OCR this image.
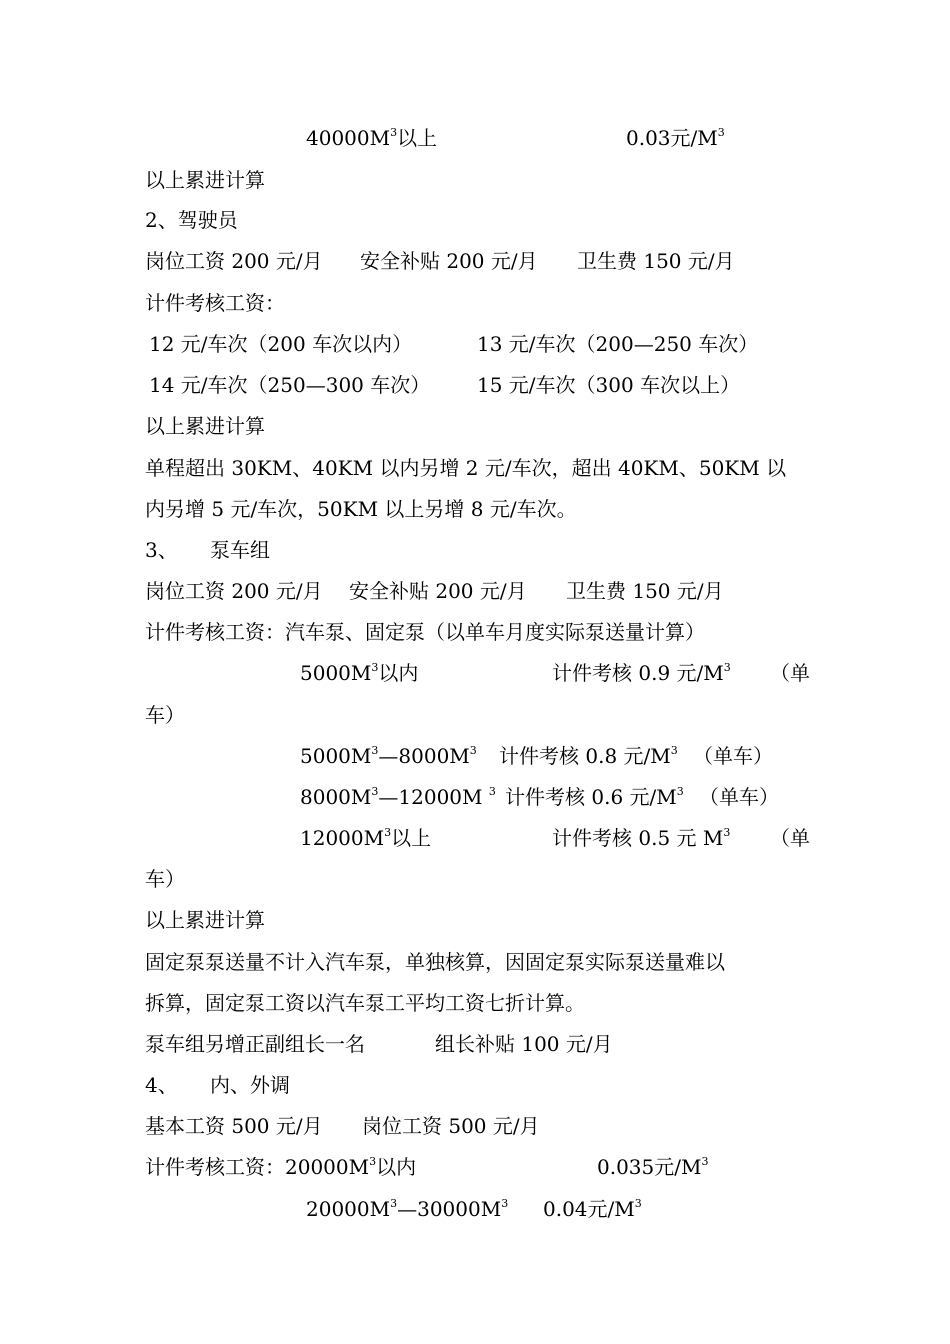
$40000M^3$以上	0.03元$/M^3$
以上累进计算
2、驾驶员
岗位工资 200 元/月 安全补贴 200 元/月 卫生费 150 元/月
计件考核工资：
12 元/车次（200 车次以内）	13 元/车次（200—250 车次）
14 元/车次（250—300 车次） 15 元/车次（300 车次以上）
以上累进计算
单程超出 30KM、40KM 以内另增 2 元/车次，超出 40KM、50KM 以
内另增 5 元/车次，50KM 以上另增 8 元/车次。
3、 泵车组
岗位工资 200 元/月 安全补贴 200 元/月 卫生费 150 元/月
计件考核工资：汽车泵、固定泵（以单车月度实际泵送量计算）
$5000M^3$以内	计件考核 0.9 元$/M^3$ （单
车）
$5000M^3—8000M^3$ 计件考核 0.8 元$/M^3$ （单车）
$8000M^3—12000M$ $^3$ 计件考核 0.6 元$/M^3$ （单车）
$12000M^3$以上	计件考核 0.5 元 $M^3$ （单
车）
以上累进计算
固定泵泵送量不计入汽车泵，单独核算，因固定泵实际泵送量难以
拆算，固定泵工资以汽车泵工平均工资七折计算。
泵车组另增正副组长一名	组长补贴 100 元/月
4、 内、外调
基本工资 500 元/月 岗位工资 500 元/月
计件考核工资：$20000M^3$以内	0.035元$/M^3$
$20000M^3—30000M^3$ 0.04元$/M^3$
